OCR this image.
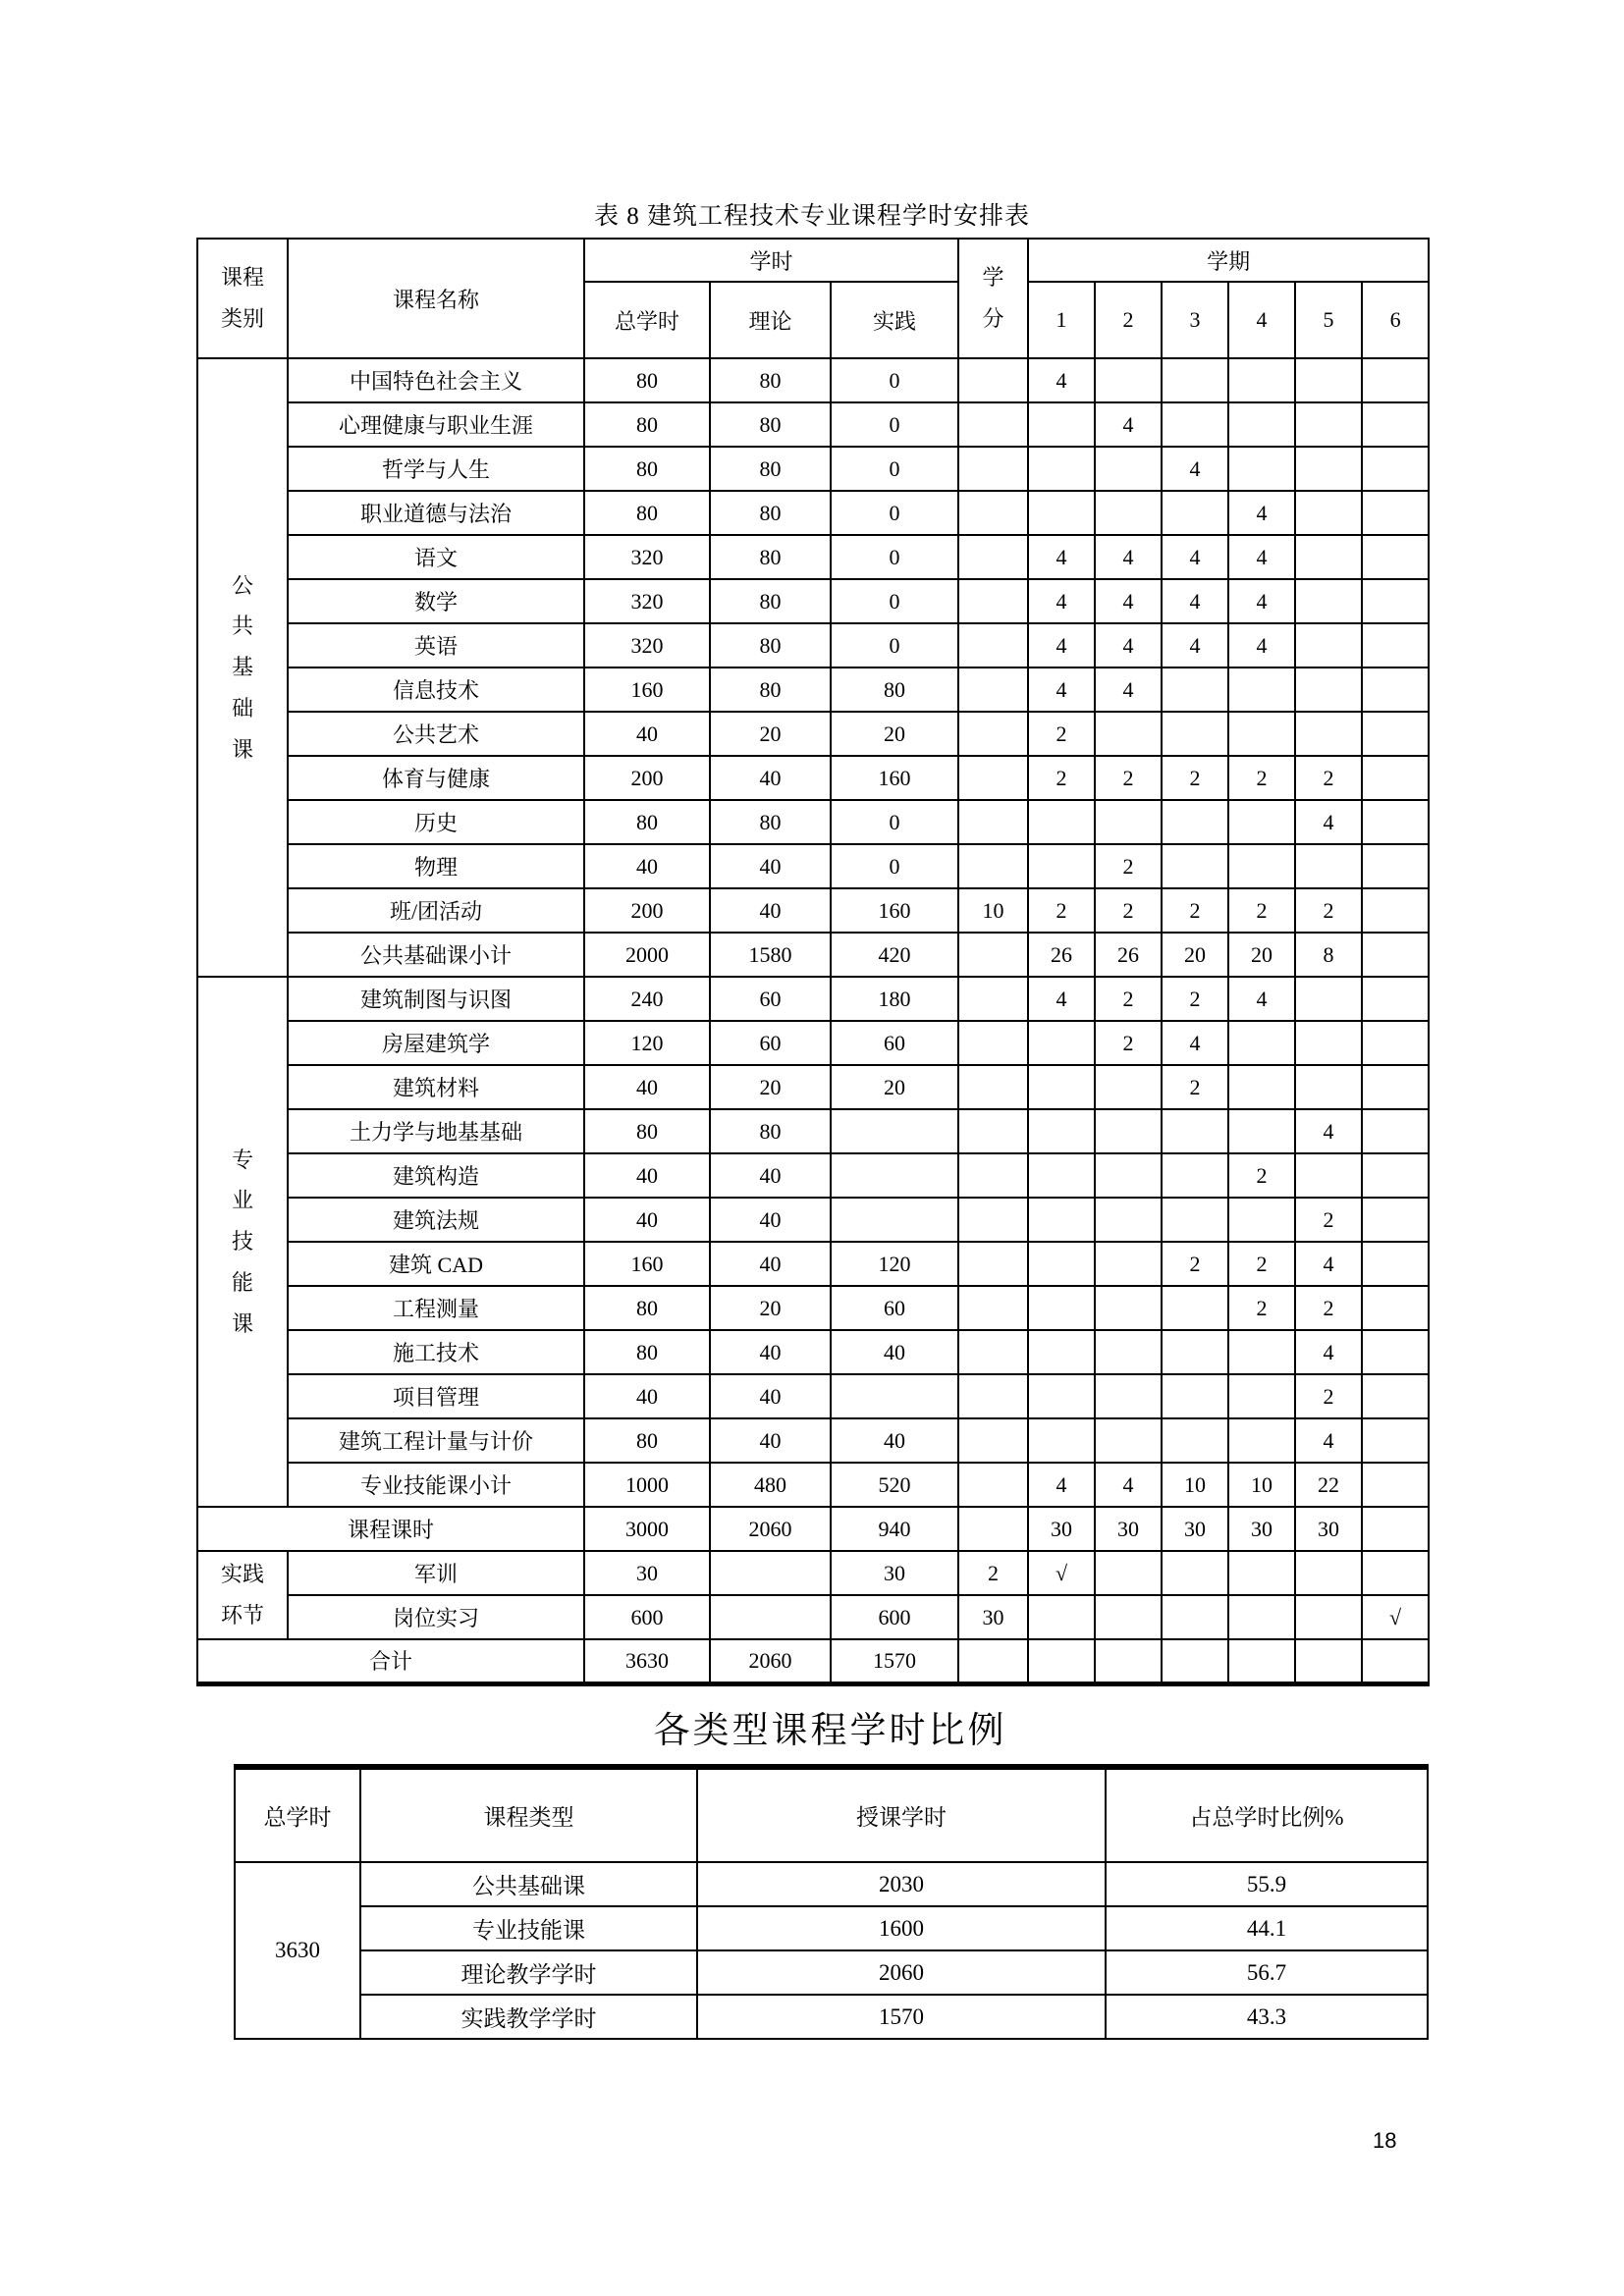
表 8 建筑工程技术专业课程学时安排表
课程类别	课程名称	学时			学分	学期					
		总学时	理论	实践		1	2	3	4	5	6

公共基础课	中国特色社会主义	80	80	0		4					
	心理健康与职业生涯	80	80	0			4				
	哲学与人生	80	80	0				4			
	职业道德与法治	80	80	0					4		
	语文	320	80	0		4	4	4	4		
	数学	320	80	0		4	4	4	4		
	英语	320	80	0		4	4	4	4		
	信息技术	160	80	80		4	4				
	公共艺术	40	20	20		2					
	体育与健康	200	40	160		2	2	2	2	2	
	历史	80	80	0						4	
	物理	40	40	0			2				
	班/团活动	200	40	160	10	2	2	2	2	2	
	公共基础课小计	2000	1580	420		26	26	20	20	8	

专业技能课	建筑制图与识图	240	60	180		4	2	2	4		
	房屋建筑学	120	60	60			2	4			
	建筑材料	40	20	20				2			
	土力学与地基基础	80	80							4	
	建筑构造	40	40						2		
	建筑法规	40	40							2	
	建筑 CAD	160	40	120				2	2	4	
	工程测量	80	20	60					2	2	
	施工技术	80	40	40						4	
	项目管理	40	40							2	
	建筑工程计量与计价	80	40	40						4	
	专业技能课小计	1000	480	520		4	4	10	10	22	
课程课时		3000	2060	940		30	30	30	30	30	

实践环节	军训	30		30	2	√					
	岗位实习	600		600	30						√
合计		3630	2060	1570							
各类型课程学时比例
总学时	课程类型	授课学时	占总学时比例%
3630	公共基础课	2030	55.9
	专业技能课	1600	44.1
	理论教学学时	2060	56.7
	实践教学学时	1570	43.3
18
